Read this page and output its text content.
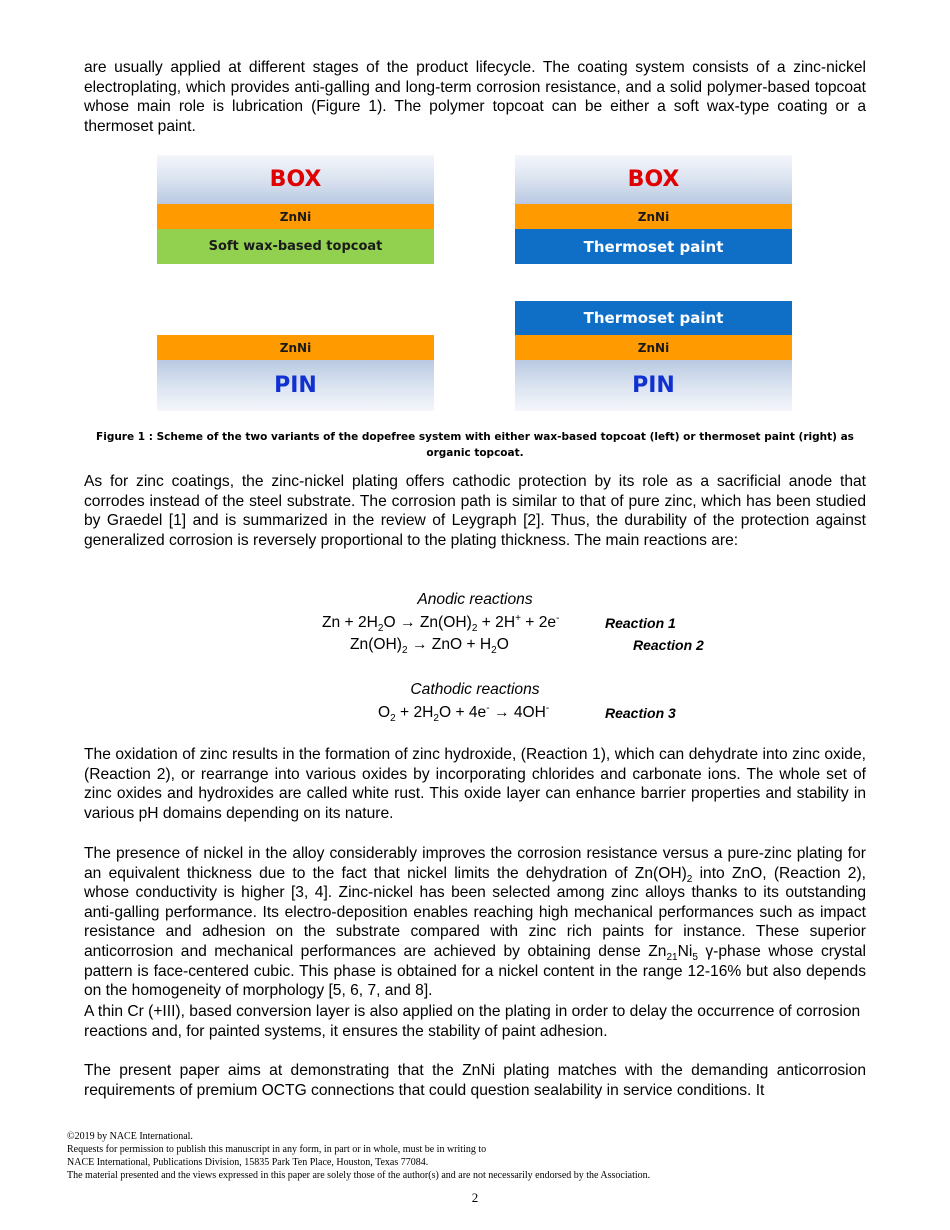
are usually applied at different stages of the product lifecycle. The coating system consists of a zinc-nickel electroplating, which provides anti-galling and long-term corrosion resistance, and a solid polymer-based topcoat whose main role is lubrication (Figure 1). The polymer topcoat can be either a soft wax-type coating or a thermoset paint.

BOX
ZnNi
Soft wax-based topcoat
BOX
ZnNi
Thermoset paint
ZnNi
PIN
Thermoset paint
ZnNi
PIN

Figure 1 : Scheme of the two variants of the dopefree system with either wax-based topcoat (left) or thermoset paint (right) as organic topcoat.

As for zinc coatings, the zinc-nickel plating offers cathodic protection by its role as a sacrificial anode that corrodes instead of the steel substrate. The corrosion path is similar to that of pure zinc, which has been studied by Graedel [1] and is summarized in the review of Leygraph [2]. Thus, the durability of the protection against generalized corrosion is reversely proportional to the plating thickness. The main reactions are:

Anodic reactions
$Zn + 2H_2O \to Zn(OH)_2 + 2H^+ + 2e^-$	Reaction 1
$Zn(OH)_2$ → ZnO + $H_2O$	Reaction 2
Cathodic reactions
$O_2 + 2H_2O + 4e^- \to 4OH^-$	Reaction 3

The oxidation of zinc results in the formation of zinc hydroxide, (Reaction 1), which can dehydrate into zinc oxide, (Reaction 2), or rearrange into various oxides by incorporating chlorides and carbonate ions. The whole set of zinc oxides and hydroxides are called white rust. This oxide layer can enhance barrier properties and stability in various pH domains depending on its nature.

The presence of nickel in the alloy considerably improves the corrosion resistance versus a pure-zinc plating for an equivalent thickness due to the fact that nickel limits the dehydration of $Zn(OH)_2$ into ZnO, (Reaction 2), whose conductivity is higher [3, 4]. Zinc-nickel has been selected among zinc alloys thanks to its outstanding anti-galling performance. Its electro-deposition enables reaching high mechanical performances such as impact resistance and adhesion on the substrate compared with zinc rich paints for instance. These superior anticorrosion and mechanical performances are achieved by obtaining dense $Zn_{21}Ni_5$ γ-phase whose crystal pattern is face-centered cubic. This phase is obtained for a nickel content in the range 12-16% but also depends on the homogeneity of morphology [5, 6, 7, and 8].

A thin Cr (+III), based conversion layer is also applied on the plating in order to delay the occurrence of corrosion reactions and, for painted systems, it ensures the stability of paint adhesion.

The present paper aims at demonstrating that the ZnNi plating matches with the demanding anticorrosion requirements of premium OCTG connections that could question sealability in service conditions. It

©2019 by NACE International.
Requests for permission to publish this manuscript in any form, in part or in whole, must be in writing to
NACE International, Publications Division, 15835 Park Ten Place, Houston, Texas 77084.
The material presented and the views expressed in this paper are solely those of the author(s) and are not necessarily endorsed by the Association.
2
